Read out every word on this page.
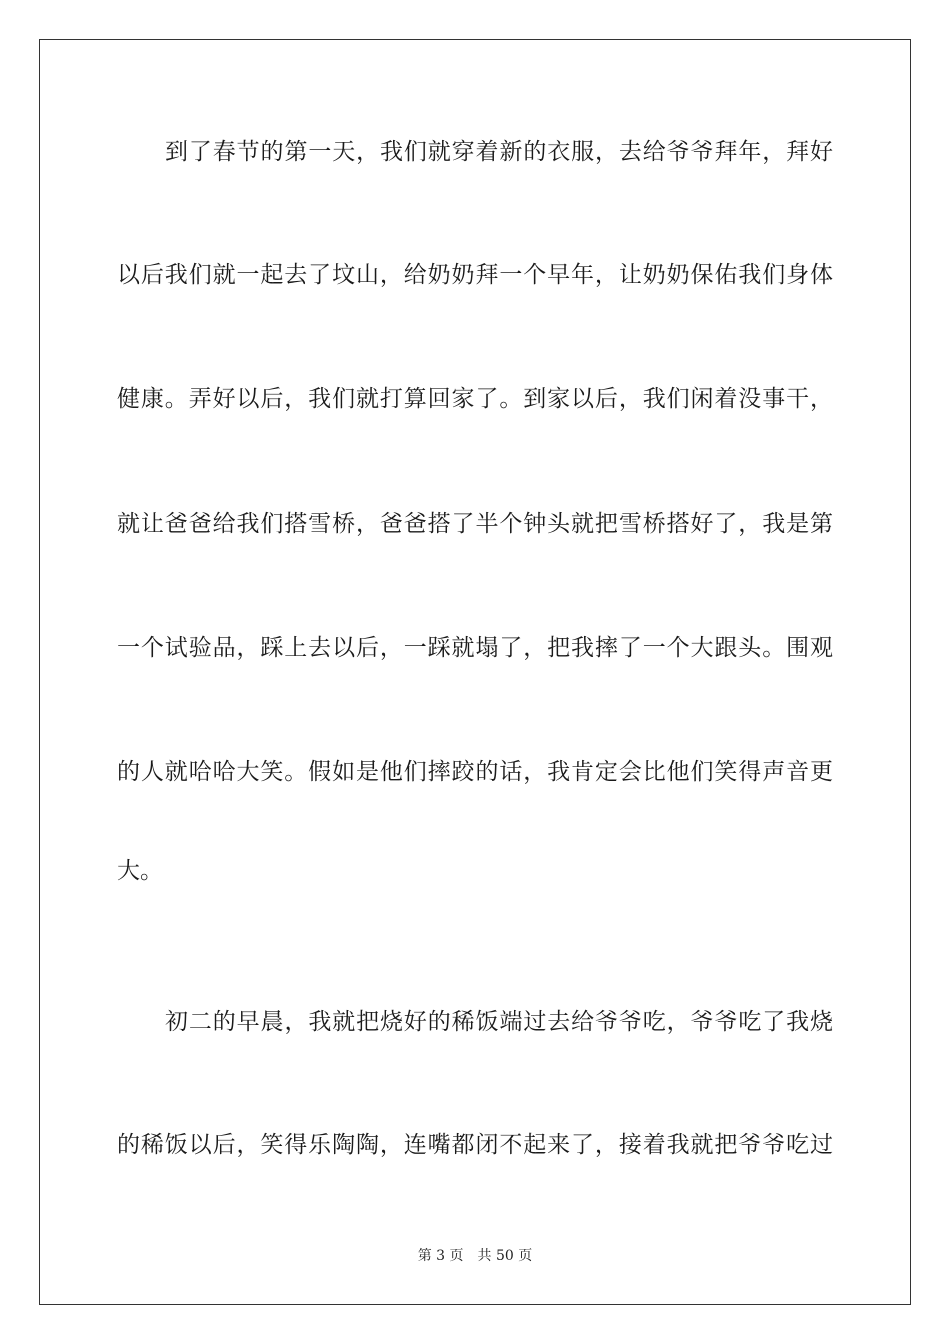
到了春节的第一天，我们就穿着新的衣服，去给爷爷拜年，拜好
以后我们就一起去了坟山，给奶奶拜一个早年，让奶奶保佑我们身体
健康。弄好以后，我们就打算回家了。到家以后，我们闲着没事干，
就让爸爸给我们搭雪桥，爸爸搭了半个钟头就把雪桥搭好了，我是第
一个试验品，踩上去以后，一踩就塌了，把我摔了一个大跟头。围观
的人就哈哈大笑。假如是他们摔跤的话，我肯定会比他们笑得声音更
大。
初二的早晨，我就把烧好的稀饭端过去给爷爷吃，爷爷吃了我烧
的稀饭以后，笑得乐陶陶，连嘴都闭不起来了，接着我就把爷爷吃过
第 3 页 共 50 页
